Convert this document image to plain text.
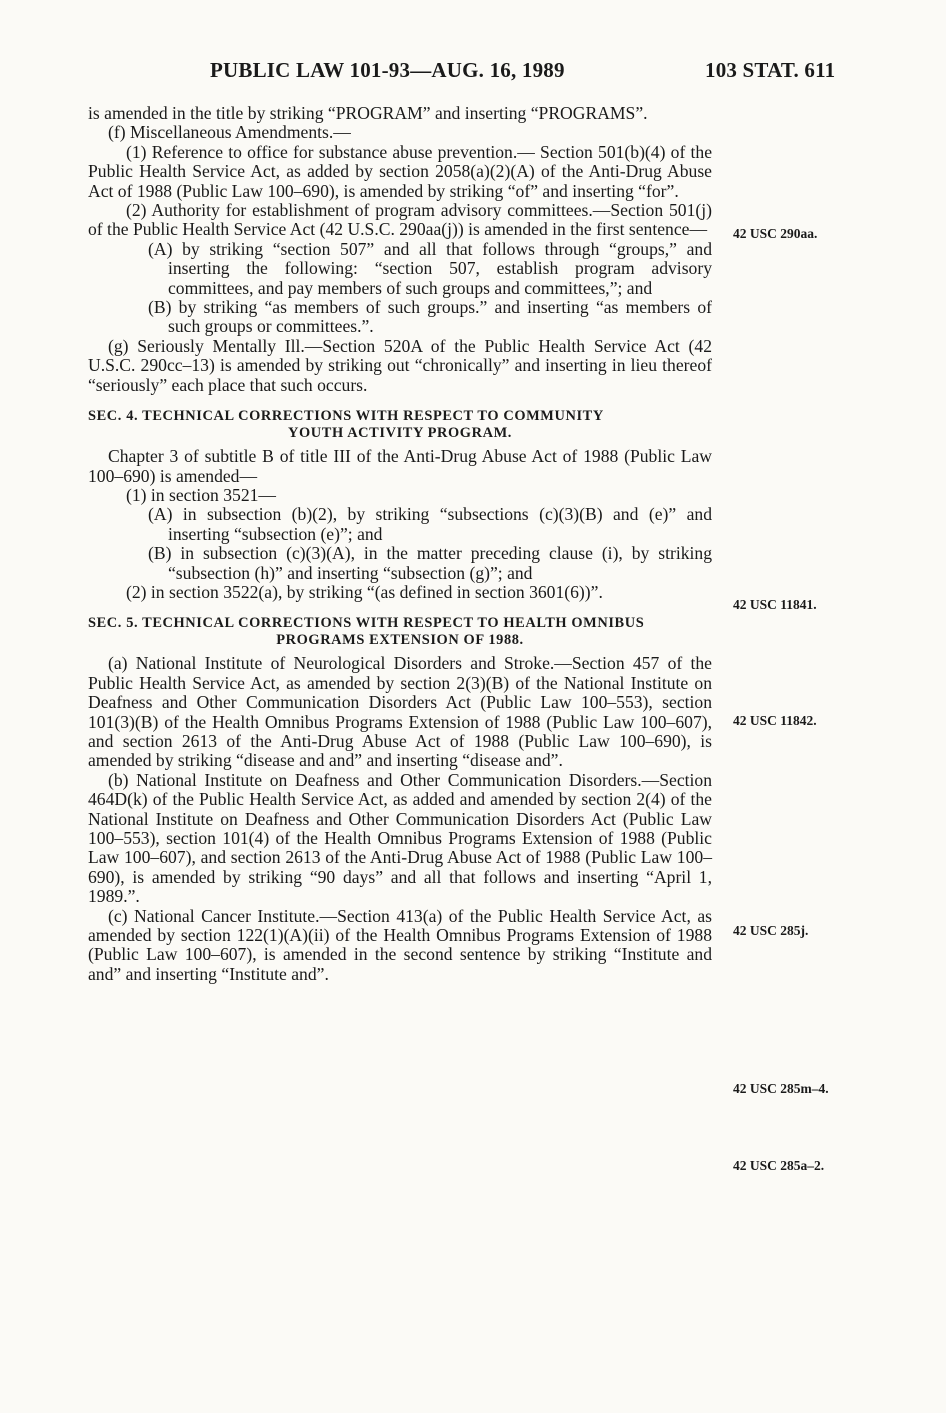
PUBLIC LAW 101-93—AUG. 16, 1989	103 STAT. 611

is amended in the title by striking “PROGRAM” and inserting “PROGRAMS”.

(f) Miscellaneous Amendments.—

(1) Reference to office for substance abuse prevention.— Section 501(b)(4) of the Public Health Service Act, as added by section 2058(a)(2)(A) of the Anti-Drug Abuse Act of 1988 (Public Law 100–690), is amended by striking “of” and inserting “for”.

(2) Authority for establishment of program advisory committees.—Section 501(j) of the Public Health Service Act (42 U.S.C. 290aa(j)) is amended in the first sentence—

(A) by striking “section 507” and all that follows through “groups,” and inserting the following: “section 507, establish program advisory committees, and pay members of such groups and committees,”; and

(B) by striking “as members of such groups.” and inserting “as members of such groups or committees.”.

(g) Seriously Mentally Ill.—Section 520A of the Public Health Service Act (42 U.S.C. 290cc–13) is amended by striking out “chronically” and inserting in lieu thereof “seriously” each place that such occurs.

SEC. 4. TECHNICAL CORRECTIONS WITH RESPECT TO COMMUNITY
YOUTH ACTIVITY PROGRAM.

Chapter 3 of subtitle B of title III of the Anti-Drug Abuse Act of 1988 (Public Law 100–690) is amended—

(1) in section 3521—

(A) in subsection (b)(2), by striking “subsections (c)(3)(B) and (e)” and inserting “subsection (e)”; and

(B) in subsection (c)(3)(A), in the matter preceding clause (i), by striking “subsection (h)” and inserting “subsection (g)”; and

(2) in section 3522(a), by striking “(as defined in section 3601(6))”.

SEC. 5. TECHNICAL CORRECTIONS WITH RESPECT TO HEALTH OMNIBUS
PROGRAMS EXTENSION OF 1988.

(a) National Institute of Neurological Disorders and Stroke.—Section 457 of the Public Health Service Act, as amended by section 2(3)(B) of the National Institute on Deafness and Other Communication Disorders Act (Public Law 100–553), section 101(3)(B) of the Health Omnibus Programs Extension of 1988 (Public Law 100–607), and section 2613 of the Anti-Drug Abuse Act of 1988 (Public Law 100–690), is amended by striking “disease and and” and inserting “disease and”.

(b) National Institute on Deafness and Other Communication Disorders.—Section 464D(k) of the Public Health Service Act, as added and amended by section 2(4) of the National Institute on Deafness and Other Communication Disorders Act (Public Law 100–553), section 101(4) of the Health Omnibus Programs Extension of 1988 (Public Law 100–607), and section 2613 of the Anti-Drug Abuse Act of 1988 (Public Law 100–690), is amended by striking “90 days” and all that follows and inserting “April 1, 1989.”.

(c) National Cancer Institute.—Section 413(a) of the Public Health Service Act, as amended by section 122(1)(A)(ii) of the Health Omnibus Programs Extension of 1988 (Public Law 100–607), is amended in the second sentence by striking “Institute and and” and inserting “Institute and”.

42 USC 290aa.
42 USC 11841.
42 USC 11842.
42 USC 285j.
42 USC 285m–4.
42 USC 285a–2.
